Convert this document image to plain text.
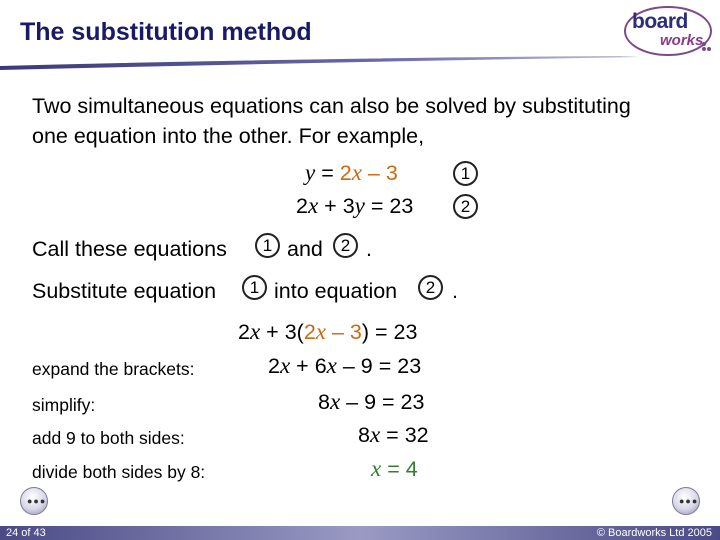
The substitution method	board
works
Two simultaneous equations can also be solved by substituting one equation into the other. For example,
y = 2x – 3	1
2x + 3y = 23	2
Call these equations	1 and	2 .
Substitute equation	1 into equation	2 .
2x + 3(2x – 3) = 23
expand the brackets:	2x + 6x – 9 = 23
simplify:	8x – 9 = 23
add 9 to both sides:	8x = 32
divide both sides by 8:	x = 4
●●●	●●●
24 of 43	© Boardworks Ltd 2005
